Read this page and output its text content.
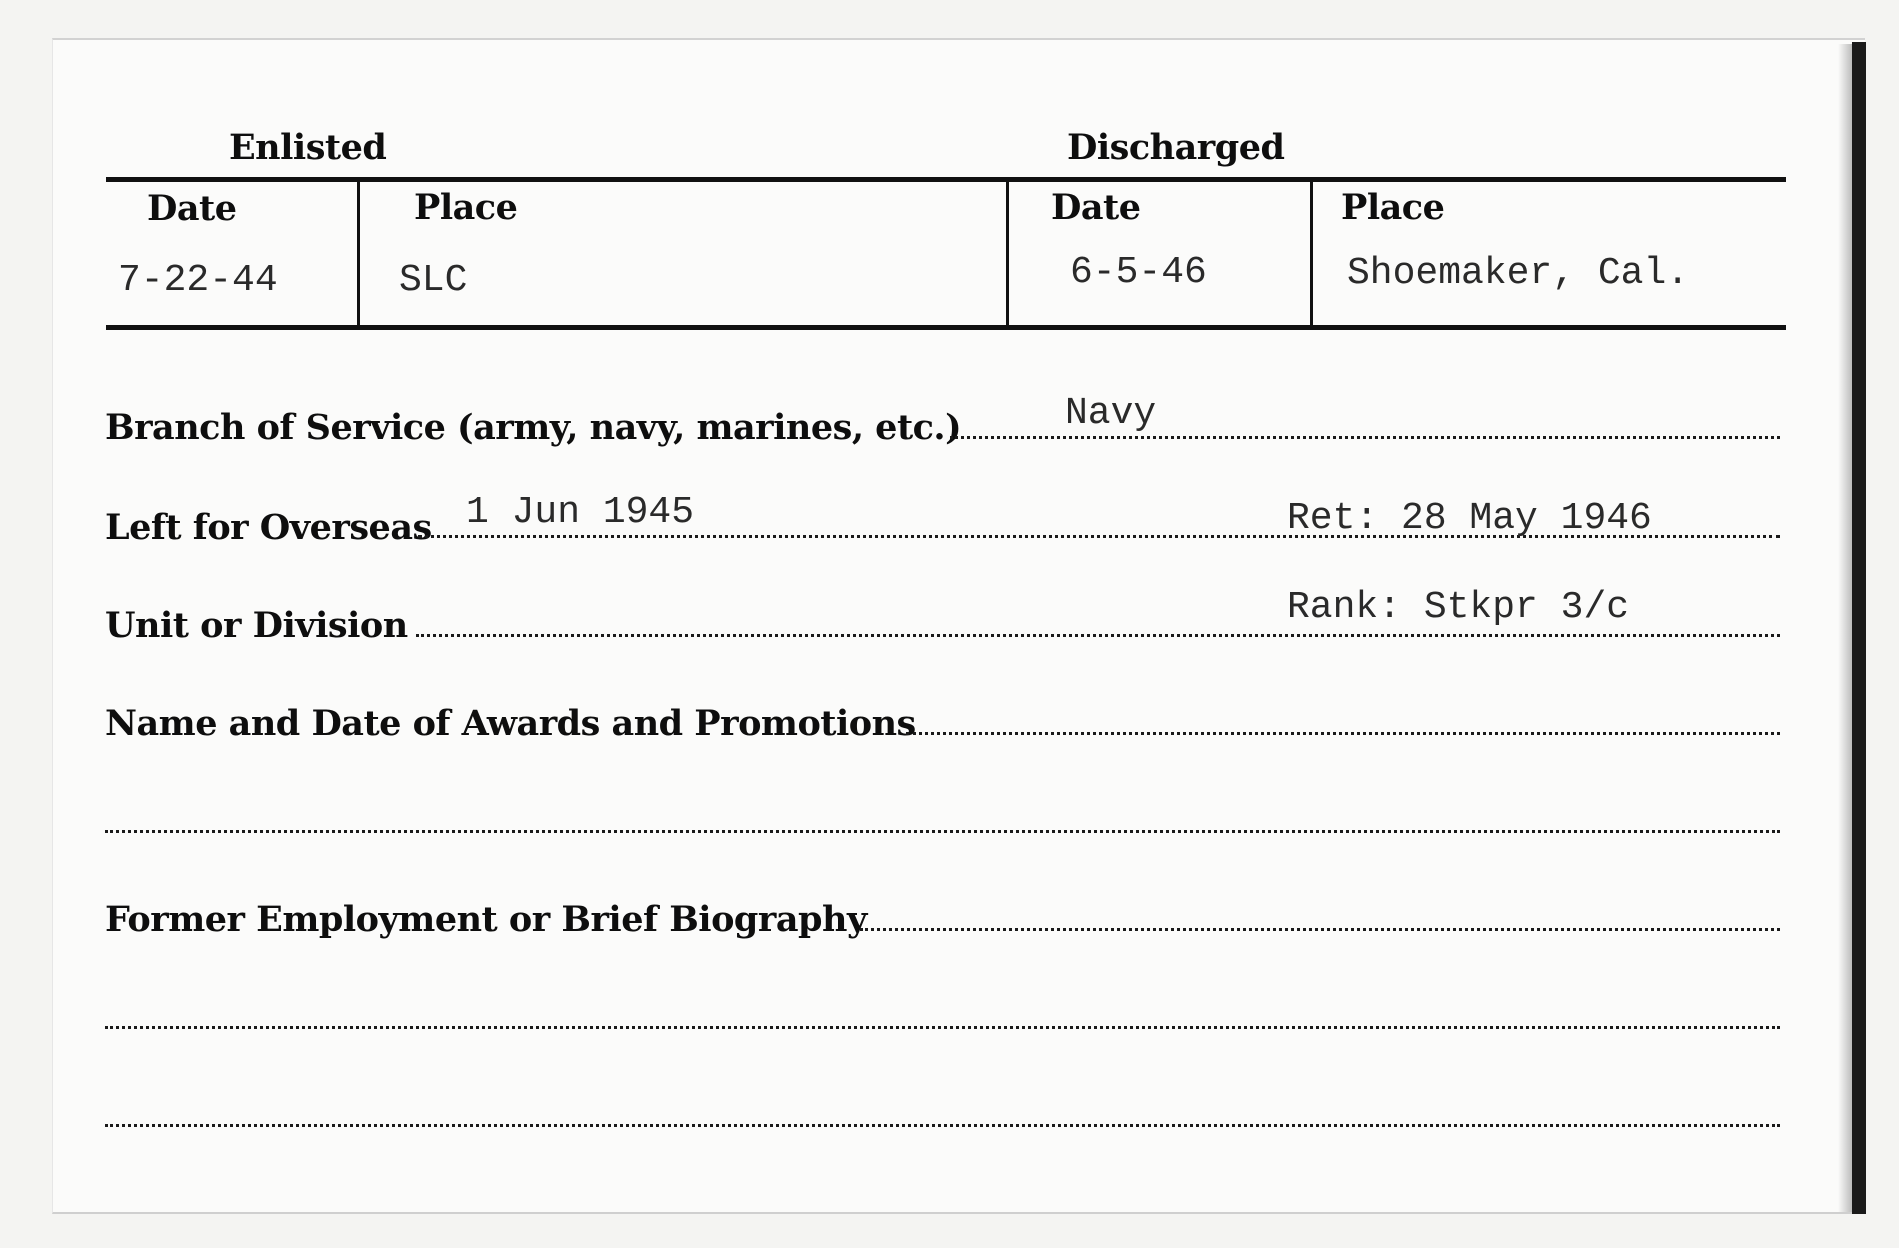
Enlisted	Discharged
Date	Place	Date	Place
7-22-44	SLC	6-5-46	Shoemaker, Cal.
Branch of Service (army, navy, marines, etc.)	Navy
Left for Overseas 1 Jun 1945	Ret: 28 May 1946
Unit or Division	Rank: Stkpr 3/c
Name and Date of Awards and Promotions
Former Employment or Brief Biography
